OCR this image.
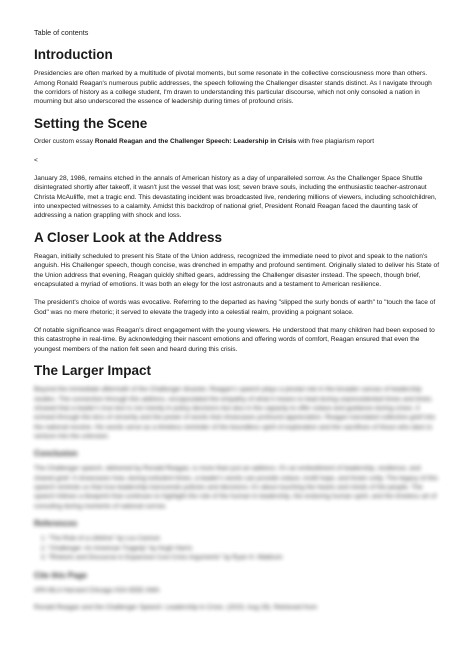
Table of contents
Introduction

Presidencies are often marked by a multitude of pivotal moments, but some resonate in the collective consciousness more than others. Among Ronald Reagan's numerous public addresses, the speech following the Challenger disaster stands distinct. As I navigate through the corridors of history as a college student, I'm drawn to understanding this particular discourse, which not only consoled a nation in mourning but also underscored the essence of leadership during times of profound crisis.

Setting the Scene
Order custom essay Ronald Reagan and the Challenger Speech: Leadership in Crisis with free plagiarism report
<

January 28, 1986, remains etched in the annals of American history as a day of unparalleled sorrow. As the Challenger Space Shuttle disintegrated shortly after takeoff, it wasn't just the vessel that was lost; seven brave souls, including the enthusiastic teacher-astronaut Christa McAuliffe, met a tragic end. This devastating incident was broadcasted live, rendering millions of viewers, including schoolchildren, into unexpected witnesses to a calamity. Amidst this backdrop of national grief, President Ronald Reagan faced the daunting task of addressing a nation grappling with shock and loss.

A Closer Look at the Address

Reagan, initially scheduled to present his State of the Union address, recognized the immediate need to pivot and speak to the nation's anguish. His Challenger speech, though concise, was drenched in empathy and profound sentiment. Originally slated to deliver his State of the Union address that evening, Reagan quickly shifted gears, addressing the Challenger disaster instead. The speech, though brief, encapsulated a myriad of emotions. It was both an elegy for the lost astronauts and a testament to American resilience.

The president's choice of words was evocative. Referring to the departed as having "slipped the surly bonds of earth" to "touch the face of God" was no mere rhetoric; it served to elevate the tragedy into a celestial realm, providing a poignant solace.

Of notable significance was Reagan's direct engagement with the young viewers. He understood that many children had been exposed to this catastrophe in real-time. By acknowledging their nascent emotions and offering words of comfort, Reagan ensured that even the youngest members of the nation felt seen and heard during this crisis.

The Larger Impact

Beyond the immediate aftermath of the Challenger disaster, Reagan's speech plays a pivotal role in the broader canvas of leadership studies. The connection through this address, encapsulated the empathy of what it means to lead during unprecedented times and times showed that a leader's true test is not merely in policy decisions but also in the capacity to offer solace and guidance during crises. It echoed through the lens of sincerity and the power of words that showcases profound appreciation. Reagan translated collective grief into the national resolve. His words serve as a timeless reminder of the boundless spirit of exploration and the sacrifices of those who dare to venture into the unknown.

Conclusion

The Challenger speech, delivered by Ronald Reagan, is more than just an address. It's an embodiment of leadership, resilience, and shared grief. It showcases how, during turbulent times, a leader's words can provide solace, instill hope, and foster unity. The legacy of this speech reminds us that true leadership transcends policies and decisions; it's about touching the hearts and minds of the people. The speech follows a blueprint that continues to highlight the role of the human in leadership, the enduring human spirit, and the timeless art of consoling during moments of national sorrow.

References
1. "The Role of a Lifetime" by Lou Cannon
2. "Challenger: An American Tragedy" by Hugh Harris
3. "Rhetoric and Discourse in Expansive Cost Crisis Arguments" by Ryan H. Waldrum
Cite this Page

APA MLA Harvard Chicago ASA IEEE AMA

Ronald Reagan and the Challenger Speech: Leadership in Crisis. (2023, Aug 29). Retrieved from
